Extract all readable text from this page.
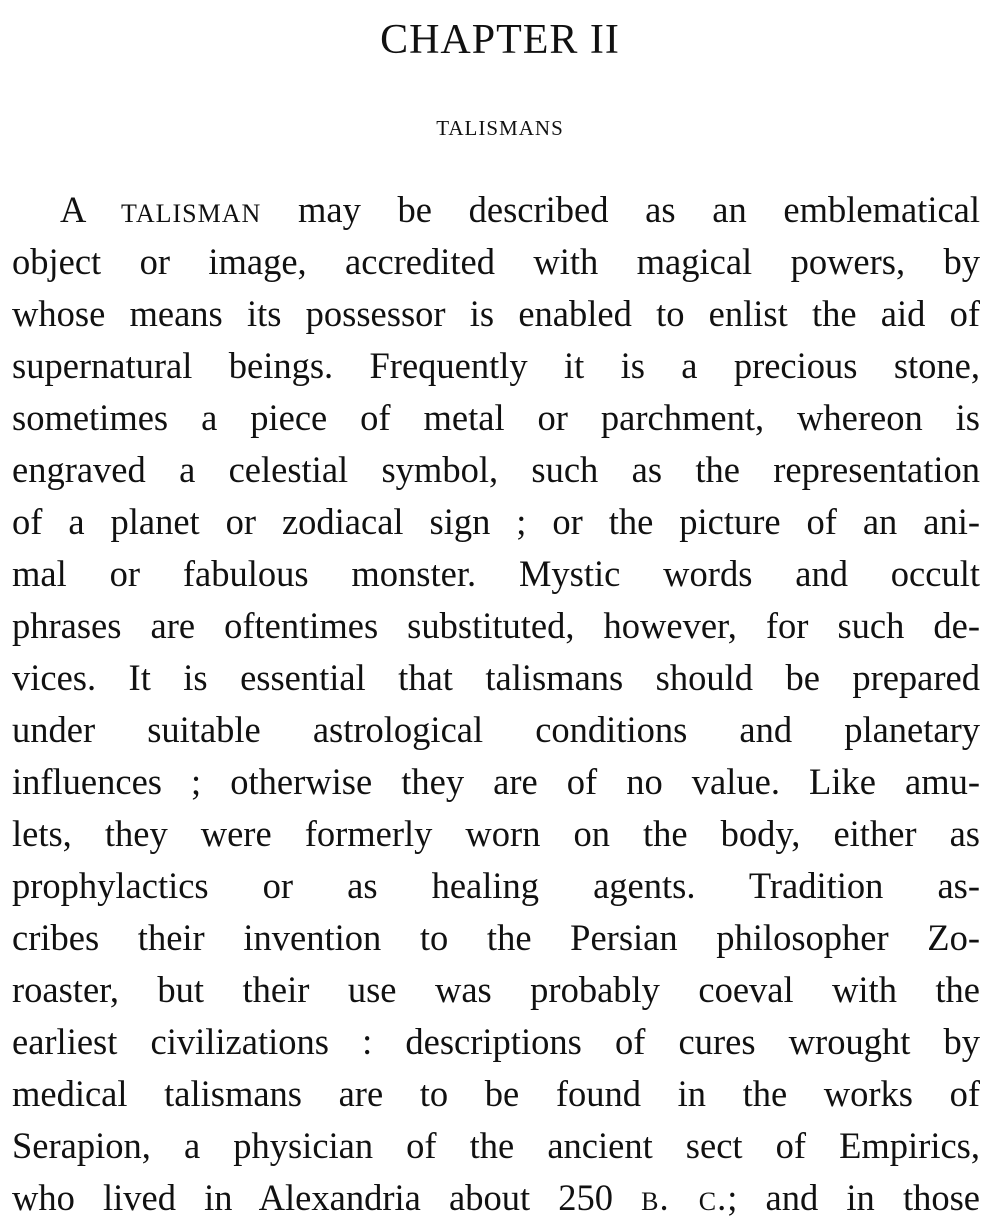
CHAPTER II
TALISMANS
A talisman may be described as an emblematical
object or image, accredited with magical powers, by
whose means its possessor is enabled to enlist the aid of
supernatural beings. Frequently it is a precious stone,
sometimes a piece of metal or parchment, whereon is
engraved a celestial symbol, such as the representation
of a planet or zodiacal sign ; or the picture of an ani-
mal or fabulous monster. Mystic words and occult
phrases are oftentimes substituted, however, for such de-
vices. It is essential that talismans should be prepared
under suitable astrological conditions and planetary
influences ; otherwise they are of no value. Like amu-
lets, they were formerly worn on the body, either as
prophylactics or as healing agents. Tradition as-
cribes their invention to the Persian philosopher Zo-
roaster, but their use was probably coeval with the
earliest civilizations : descriptions of cures wrought by
medical talismans are to be found in the works of
Serapion, a physician of the ancient sect of Empirics,
who lived in Alexandria about 250 b. c.; and in those
